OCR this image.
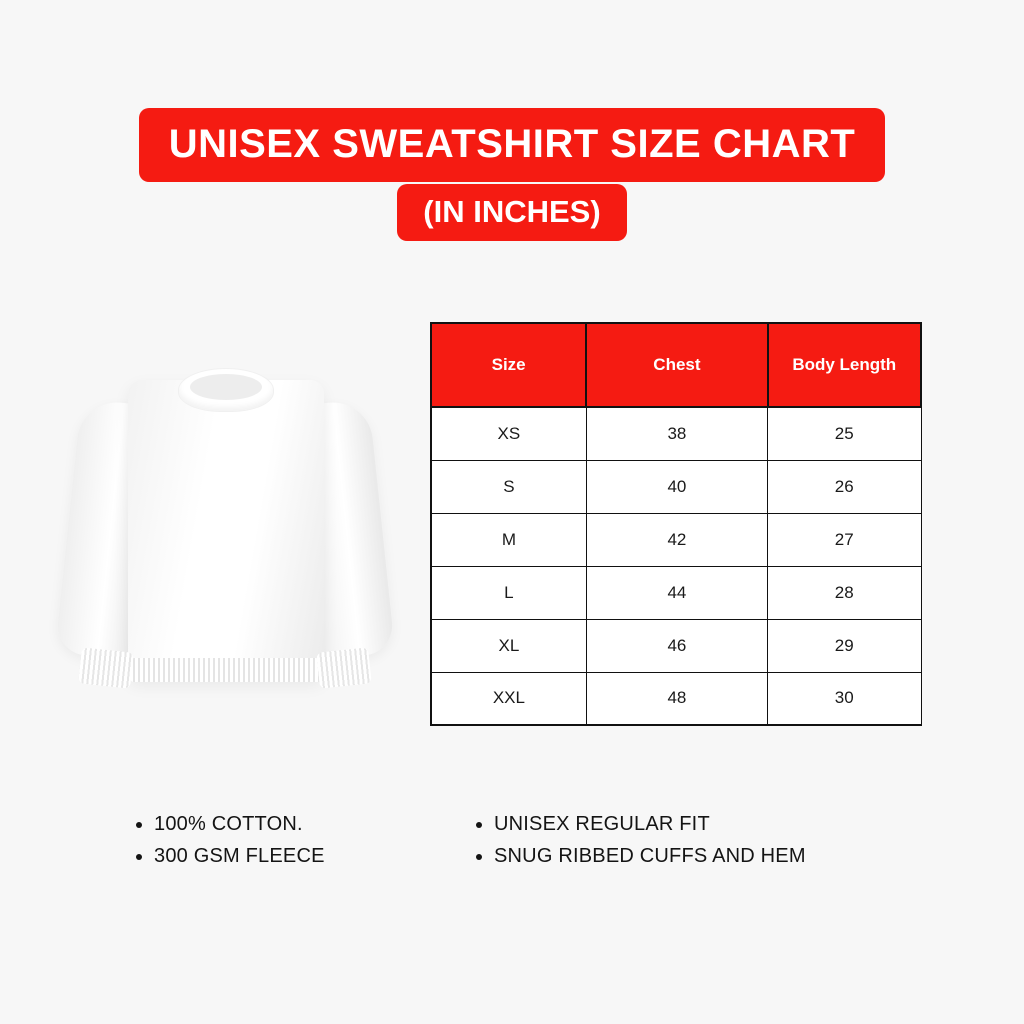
UNISEX SWEATSHIRT SIZE CHART
(IN INCHES)
Size	Chest	Body Length
XS	38	25
S	40	26
M	42	27
L	44	28
XL	46	29
XXL	48	30
• 100% COTTON.
• 300 GSM FLEECE
• UNISEX REGULAR FIT
• SNUG RIBBED CUFFS AND HEM
